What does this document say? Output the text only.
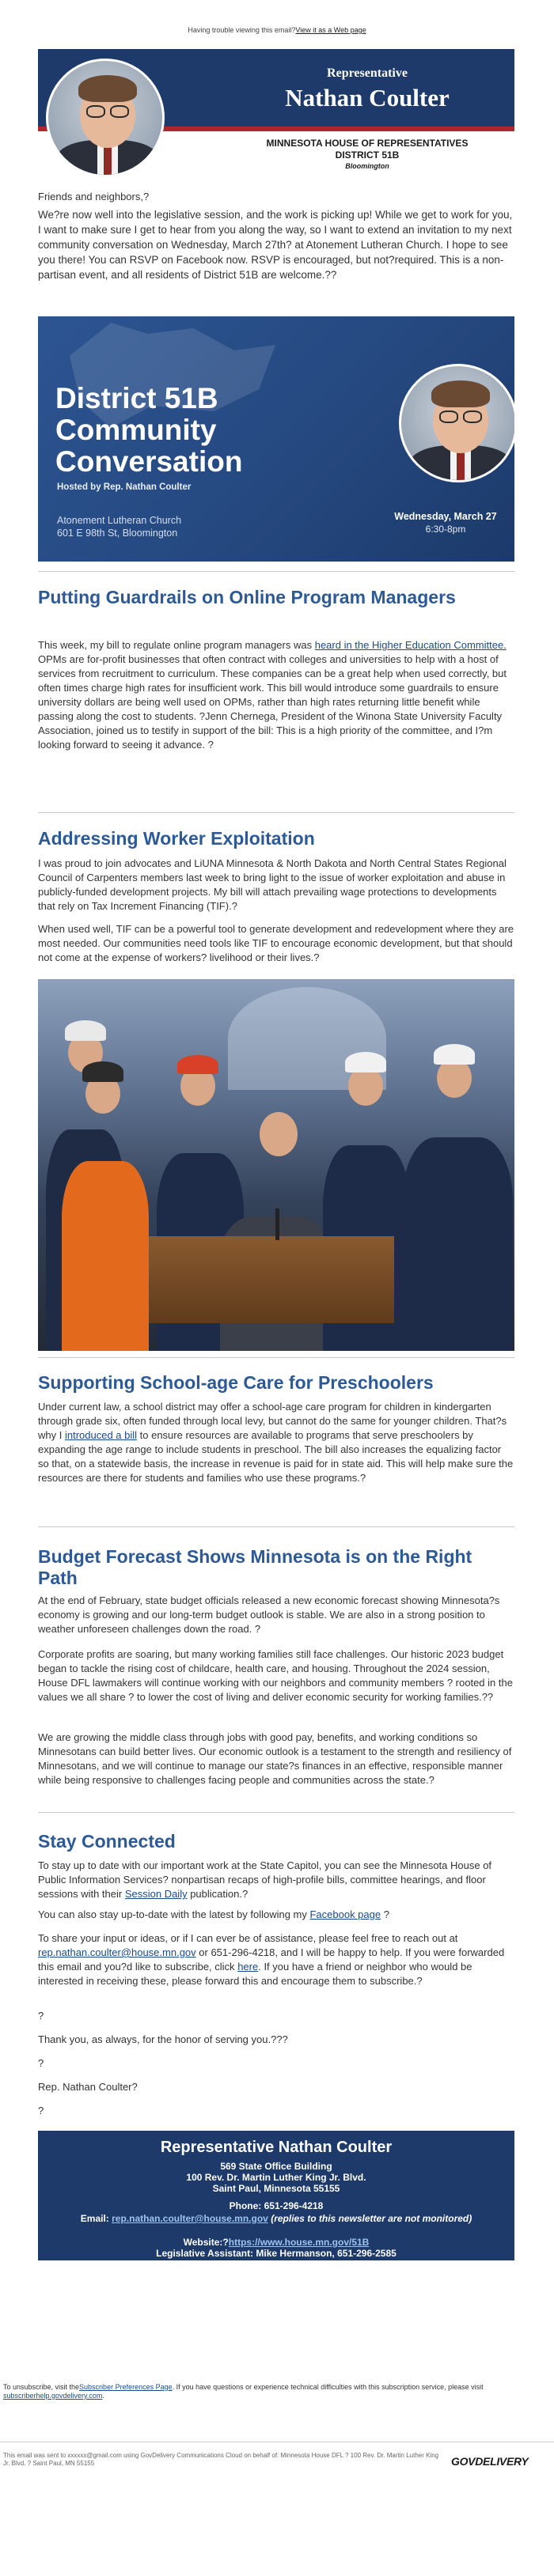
Having trouble viewing this email?View it as a Web page
Representative
Nathan Coulter
MINNESOTA HOUSE OF REPRESENTATIVES
DISTRICT 51B
Bloomington
Friends and neighbors,?
We?re now well into the legislative session, and the work is picking up! While we get to work for you, I want to make sure I get to hear from you along the way, so I want to extend an invitation to my next community conversation on Wednesday, March 27th? at Atonement Lutheran Church. I hope to see you there! You can RSVP on Facebook now. RSVP is encouraged, but not?required. This is a non-partisan event, and all residents of District 51B are welcome.??
District 51B
Community
Conversation
Hosted by Rep. Nathan Coulter
Atonement Lutheran Church
601 E 98th St, Bloomington
Wednesday, March 27
6:30-8pm
Putting Guardrails on Online Program Managers
This week, my bill to regulate online program managers was heard in the Higher Education Committee. OPMs are for-profit businesses that often contract with colleges and universities to help with a host of services from recruitment to curriculum. These companies can be a great help when used correctly, but often times charge high rates for insufficient work. This bill would introduce some guardrails to ensure university dollars are being well used on OPMs, rather than high rates returning little benefit while passing along the cost to students. ?Jenn Chernega, President of the Winona State University Faculty Association, joined us to testify in support of the bill: This is a high priority of the committee, and I?m looking forward to seeing it advance. ?
Addressing Worker Exploitation
I was proud to join advocates and LiUNA Minnesota & North Dakota and North Central States Regional Council of Carpenters members last week to bring light to the issue of worker exploitation and abuse in publicly-funded development projects. My bill will attach prevailing wage protections to developments that rely on Tax Increment Financing (TIF).?
When used well, TIF can be a powerful tool to generate development and redevelopment where they are most needed. Our communities need tools like TIF to encourage economic development, but that should not come at the expense of workers? livelihood or their lives.?
Supporting School-age Care for Preschoolers
Under current law, a school district may offer a school-age care program for children in kindergarten through grade six, often funded through local levy, but cannot do the same for younger children. That?s why I introduced a bill to ensure resources are available to programs that serve preschoolers by expanding the age range to include students in preschool. The bill also increases the equalizing factor so that, on a statewide basis, the increase in revenue is paid for in state aid. This will help make sure the resources are there for students and families who use these programs.?
Budget Forecast Shows Minnesota is on the Right Path
At the end of February, state budget officials released a new economic forecast showing Minnesota?s economy is growing and our long-term budget outlook is stable. We are also in a strong position to weather unforeseen challenges down the road. ?
Corporate profits are soaring, but many working families still face challenges. Our historic 2023 budget began to tackle the rising cost of childcare, health care, and housing. Throughout the 2024 session, House DFL lawmakers will continue working with our neighbors and community members ? rooted in the values we all share ? to lower the cost of living and deliver economic security for working families.??
We are growing the middle class through jobs with good pay, benefits, and working conditions so Minnesotans can build better lives. Our economic outlook is a testament to the strength and resiliency of Minnesotans, and we will continue to manage our state?s finances in an effective, responsible manner while being responsive to challenges facing people and communities across the state.?
Stay Connected
To stay up to date with our important work at the State Capitol, you can see the Minnesota House of Public Information Services? nonpartisan recaps of high-profile bills, committee hearings, and floor sessions with their Session Daily publication.?
You can also stay up-to-date with the latest by following my Facebook page ?
To share your input or ideas, or if I can ever be of assistance, please feel free to reach out at rep.nathan.coulter@house.mn.gov or 651-296-4218, and I will be happy to help. If you were forwarded this email and you?d like to subscribe, click here. If you have a friend or neighbor who would be interested in receiving these, please forward this and encourage them to subscribe.?
?
Thank you, as always, for the honor of serving you.???
?
Rep. Nathan Coulter?
?
Representative Nathan Coulter
569 State Office Building
100 Rev. Dr. Martin Luther King Jr. Blvd.
Saint Paul, Minnesota 55155
Phone: 651-296-4218
Email: rep.nathan.coulter@house.mn.gov (replies to this newsletter are not monitored)
Website:?https://www.house.mn.gov/51B
Legislative Assistant: Mike Hermanson, 651-296-2585
To unsubscribe, visit theSubscriber Preferences Page. If you have questions or experience technical difficulties with this subscription service, please visit subscriberhelp.govdelivery.com.
This email was sent to xxxxxx@gmail.com using GovDelivery Communications Cloud on behalf of: Minnesota House DFL ? 100 Rev. Dr. Martin Luther King Jr. Blvd. ? Saint Paul, MN 55155	GOVDELIVERY
